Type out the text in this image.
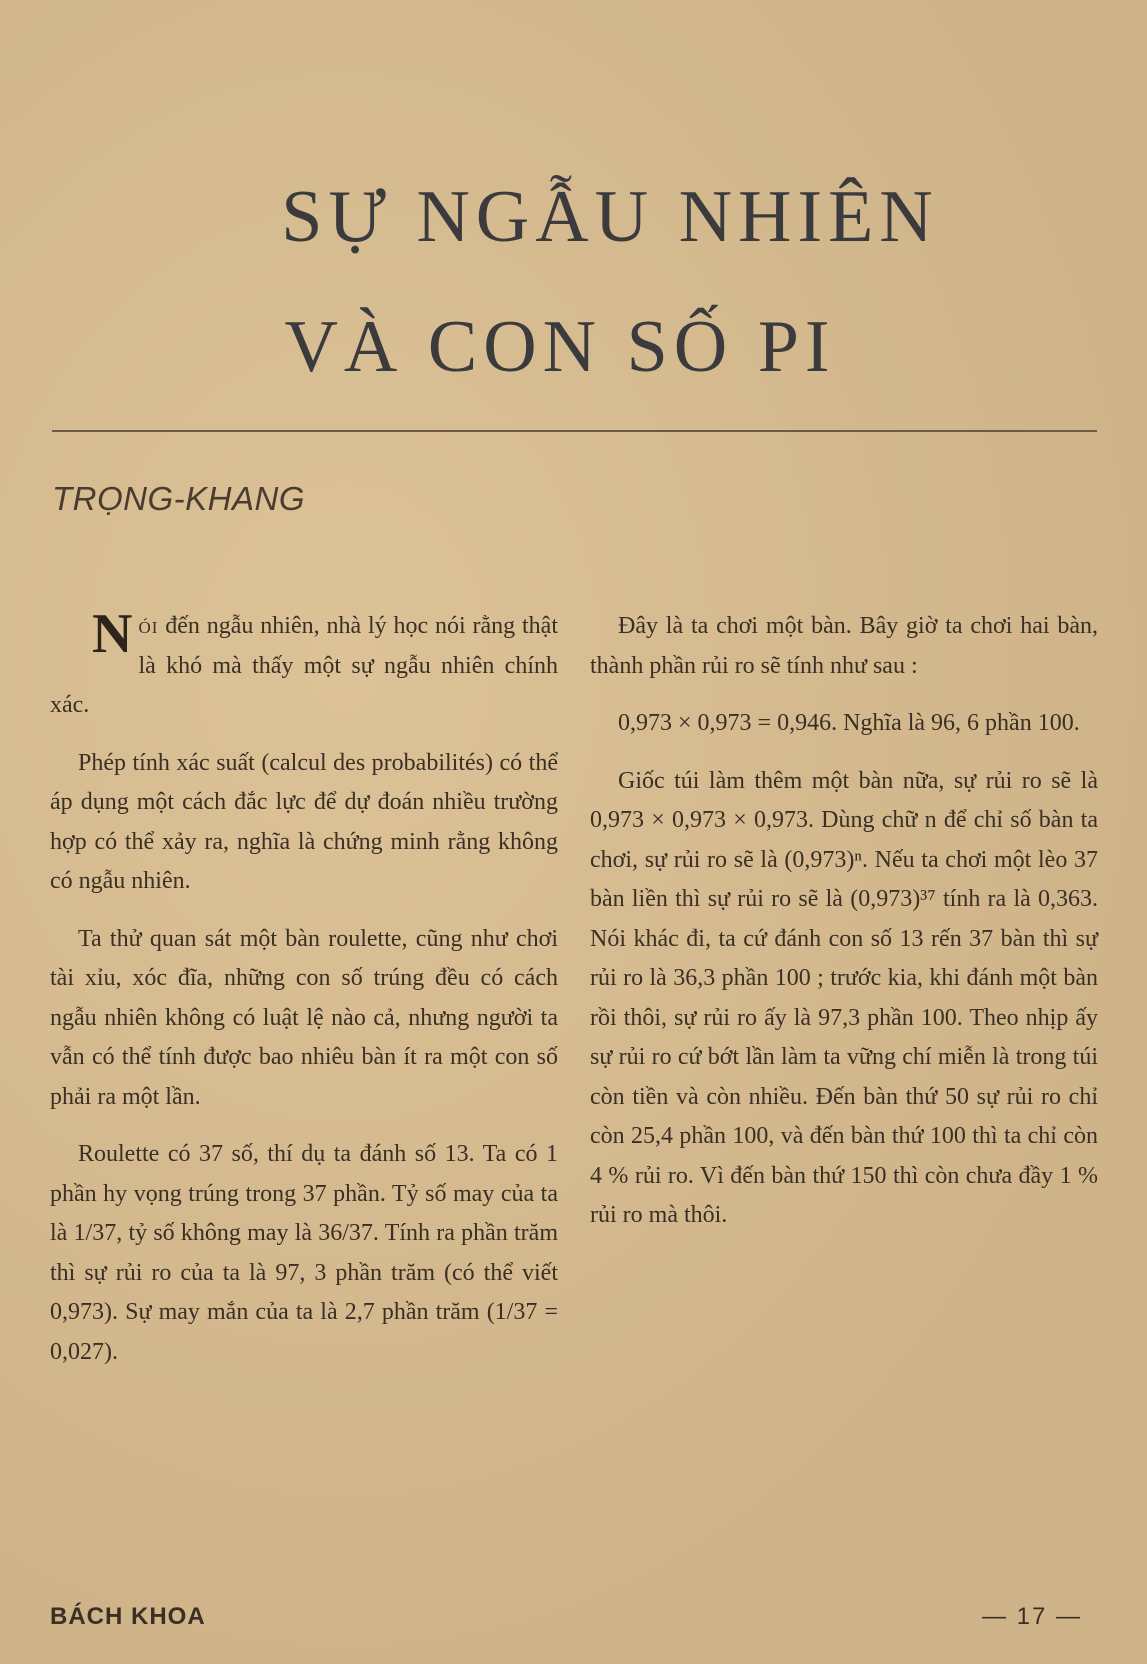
SỰ NGẪU NHIÊN
VÀ CON SỐ PI

TRỌNG-KHANG

Nói đến ngẫu nhiên, nhà lý học nói rằng thật là khó mà thấy một sự ngẫu nhiên chính xác.

Phép tính xác suất (calcul des probabilités) có thể áp dụng một cách đắc lực để dự đoán nhiều trường hợp có thể xảy ra, nghĩa là chứng minh rằng không có ngẫu nhiên.

Ta thử quan sát một bàn roulette, cũng như chơi tài xỉu, xóc đĩa, những con số trúng đều có cách ngẫu nhiên không có luật lệ nào cả, nhưng người ta vẫn có thể tính được bao nhiêu bàn ít ra một con số phải ra một lần.

Roulette có 37 số, thí dụ ta đánh số 13. Ta có 1 phần hy vọng trúng trong 37 phần. Tỷ số may của ta là 1/37, tỷ số không may là 36/37. Tính ra phần trăm thì sự rủi ro của ta là 97, 3 phần trăm (có thể viết 0,973). Sự may mắn của ta là 2,7 phần trăm (1/37 = 0,027).

Đây là ta chơi một bàn. Bây giờ ta chơi hai bàn, thành phần rủi ro sẽ tính như sau :

0,973 × 0,973 = 0,946. Nghĩa là 96, 6 phần 100.

Giốc túi làm thêm một bàn nữa, sự rủi ro sẽ là 0,973 × 0,973 × 0,973. Dùng chữ n để chỉ số bàn ta chơi, sự rủi ro sẽ là (0,973)ⁿ. Nếu ta chơi một lèo 37 bàn liền thì sự rủi ro sẽ là (0,973)³⁷ tính ra là 0,363. Nói khác đi, ta cứ đánh con số 13 rến 37 bàn thì sự rủi ro là 36,3 phần 100 ; trước kia, khi đánh một bàn rồi thôi, sự rủi ro ấy là 97,3 phần 100. Theo nhịp ấy sự rủi ro cứ bớt lần làm ta vững chí miễn là trong túi còn tiền và còn nhiều. Đến bàn thứ 50 sự rủi ro chỉ còn 25,4 phần 100, và đến bàn thứ 100 thì ta chỉ còn 4 % rủi ro. Vì đến bàn thứ 150 thì còn chưa đầy 1 % rủi ro mà thôi.

BÁCH KHOA	— 17 —
